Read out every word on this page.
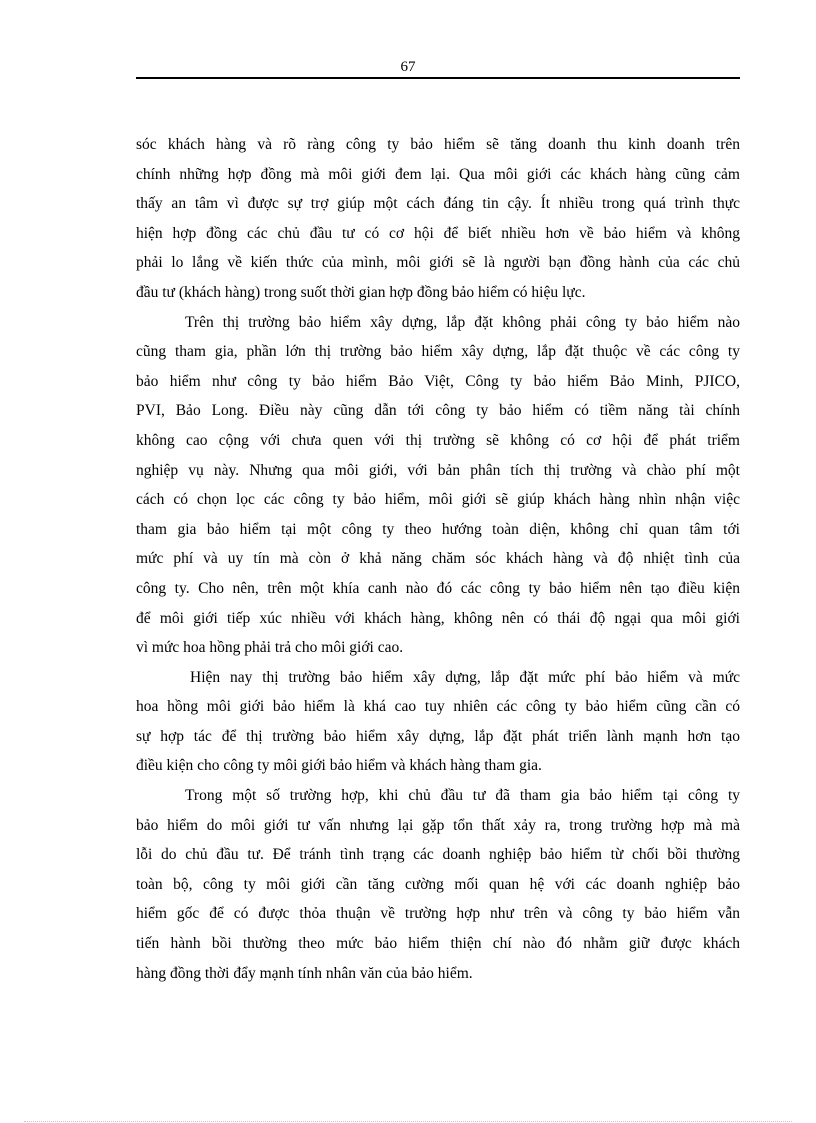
67
sóc khách hàng và rõ ràng công ty bảo hiểm sẽ tăng doanh thu kinh doanh trên
chính những hợp đồng mà môi giới đem lại. Qua môi giới các khách hàng cũng cảm
thấy an tâm vì được sự trợ giúp một cách đáng tin cậy. Ít nhiều trong quá trình thực
hiện hợp đồng các chủ đầu tư có cơ hội để biết nhiều hơn về bảo hiểm và không
phải lo lắng về kiến thức của mình, môi giới sẽ là người bạn đồng hành của các chủ
đầu tư (khách hàng) trong suốt thời gian hợp đồng bảo hiểm có hiệu lực.
Trên thị trường bảo hiểm xây dựng, lắp đặt không phải công ty bảo hiểm nào
cũng tham gia, phần lớn thị trường bảo hiểm xây dựng, lắp đặt thuộc về các công ty
bảo hiểm như công ty bảo hiểm Bảo Việt, Công ty bảo hiểm Bảo Minh, PJICO,
PVI, Bảo Long. Điều này cũng dẫn tới công ty bảo hiểm có tiềm năng tài chính
không cao cộng với chưa quen với thị trường sẽ không có cơ hội để phát triểm
nghiệp vụ này. Nhưng qua môi giới, với bản phân tích thị trường và chào phí một
cách có chọn lọc các công ty bảo hiểm, môi giới sẽ giúp khách hàng nhìn nhận việc
tham gia bảo hiểm tại một công ty theo hướng toàn diện, không chỉ quan tâm tới
mức phí và uy tín mà còn ở khả năng chăm sóc khách hàng và độ nhiệt tình của
công ty. Cho nên, trên một khía canh nào đó các công ty bảo hiểm nên tạo điều kiện
để môi giới tiếp xúc nhiều với khách hàng, không nên có thái độ ngại qua môi giới
vì mức hoa hồng phải trả cho môi giới cao.
Hiện nay thị trường bảo hiểm xây dựng, lắp đặt mức phí bảo hiểm và mức
hoa hồng môi giới bảo hiểm là khá cao tuy nhiên các công ty bảo hiểm cũng cần có
sự hợp tác để thị trường bảo hiểm xây dựng, lắp đặt phát triển lành mạnh hơn tạo
điều kiện cho công ty môi giới bảo hiểm và khách hàng tham gia.
Trong một số trường hợp, khi chủ đầu tư đã tham gia bảo hiểm tại công ty
bảo hiểm do môi giới tư vấn nhưng lại gặp tổn thất xảy ra, trong trường hợp mà mà
lỗi do chủ đầu tư. Để tránh tình trạng các doanh nghiệp bảo hiểm từ chối bồi thường
toàn bộ, công ty môi giới cần tăng cường mối quan hệ với các doanh nghiệp bảo
hiểm gốc để có được thỏa thuận về trường hợp như trên và công ty bảo hiểm vẫn
tiến hành bồi thường theo mức bảo hiểm thiện chí nào đó nhằm giữ được khách
hàng đồng thời đẩy mạnh tính nhân văn của bảo hiểm.
